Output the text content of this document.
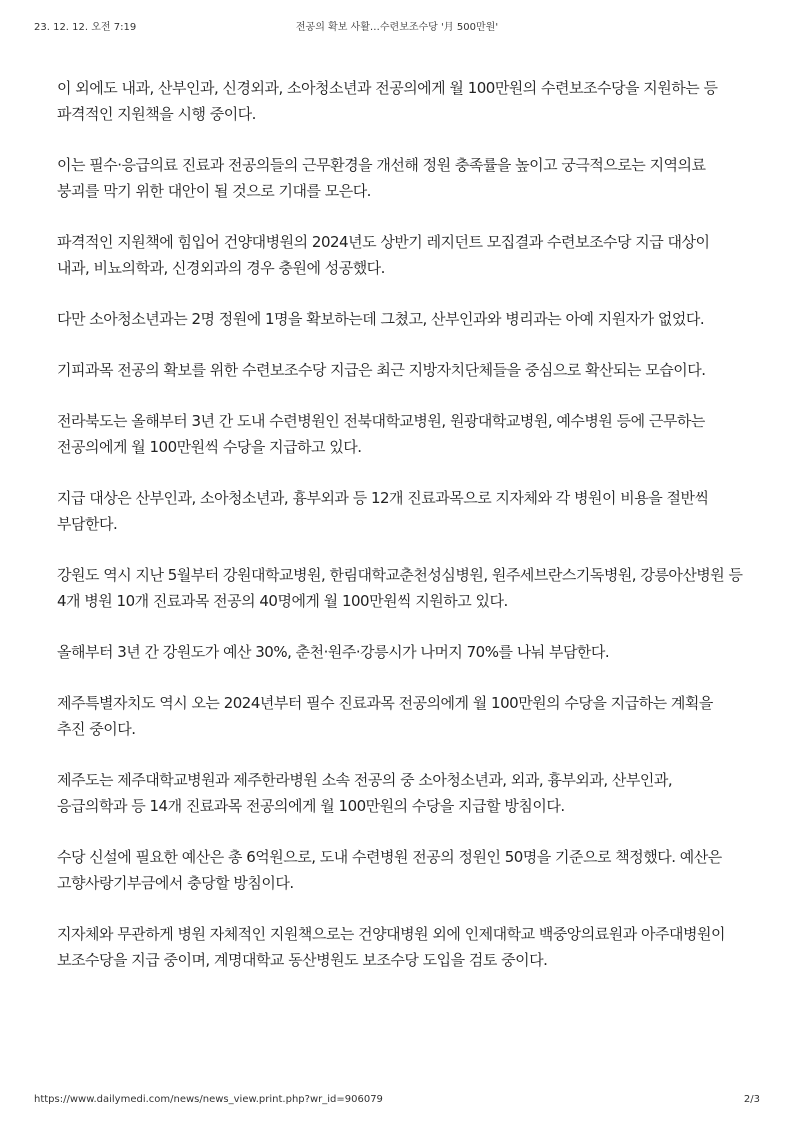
23. 12. 12. 오전 7:19	전공의 확보 사활…수련보조수당 '月 500만원'

이 외에도 내과, 산부인과, 신경외과, 소아청소년과 전공의에게 월 100만원의 수련보조수당을 지원하는 등 파격적인 지원책을 시행 중이다.

이는 필수·응급의료 진료과 전공의들의 근무환경을 개선해 정원 충족률을 높이고 궁극적으로는 지역의료 붕괴를 막기 위한 대안이 될 것으로 기대를 모은다.

파격적인 지원책에 힘입어 건양대병원의 2024년도 상반기 레지던트 모집결과 수련보조수당 지급 대상이 내과, 비뇨의학과, 신경외과의 경우 충원에 성공했다.

다만 소아청소년과는 2명 정원에 1명을 확보하는데 그쳤고, 산부인과와 병리과는 아예 지원자가 없었다.

기피과목 전공의 확보를 위한 수련보조수당 지급은 최근 지방자치단체들을 중심으로 확산되는 모습이다.

전라북도는 올해부터 3년 간 도내 수련병원인 전북대학교병원, 원광대학교병원, 예수병원 등에 근무하는 전공의에게 월 100만원씩 수당을 지급하고 있다.

지급 대상은 산부인과, 소아청소년과, 흉부외과 등 12개 진료과목으로 지자체와 각 병원이 비용을 절반씩 부담한다.

강원도 역시 지난 5월부터 강원대학교병원, 한림대학교춘천성심병원, 원주세브란스기독병원, 강릉아산병원 등 4개 병원 10개 진료과목 전공의 40명에게 월 100만원씩 지원하고 있다.

올해부터 3년 간 강원도가 예산 30%, 춘천·원주·강릉시가 나머지 70%를 나눠 부담한다.

제주특별자치도 역시 오는 2024년부터 필수 진료과목 전공의에게 월 100만원의 수당을 지급하는 계획을 추진 중이다.

제주도는 제주대학교병원과 제주한라병원 소속 전공의 중 소아청소년과, 외과, 흉부외과, 산부인과, 응급의학과 등 14개 진료과목 전공의에게 월 100만원의 수당을 지급할 방침이다.

수당 신설에 필요한 예산은 총 6억원으로, 도내 수련병원 전공의 정원인 50명을 기준으로 책정했다. 예산은 고향사랑기부금에서 충당할 방침이다.

지자체와 무관하게 병원 자체적인 지원책으로는 건양대병원 외에 인제대학교 백중앙의료원과 아주대병원이 보조수당을 지급 중이며, 계명대학교 동산병원도 보조수당 도입을 검토 중이다.

https://www.dailymedi.com/news/news_view.print.php?wr_id=906079	2/3
